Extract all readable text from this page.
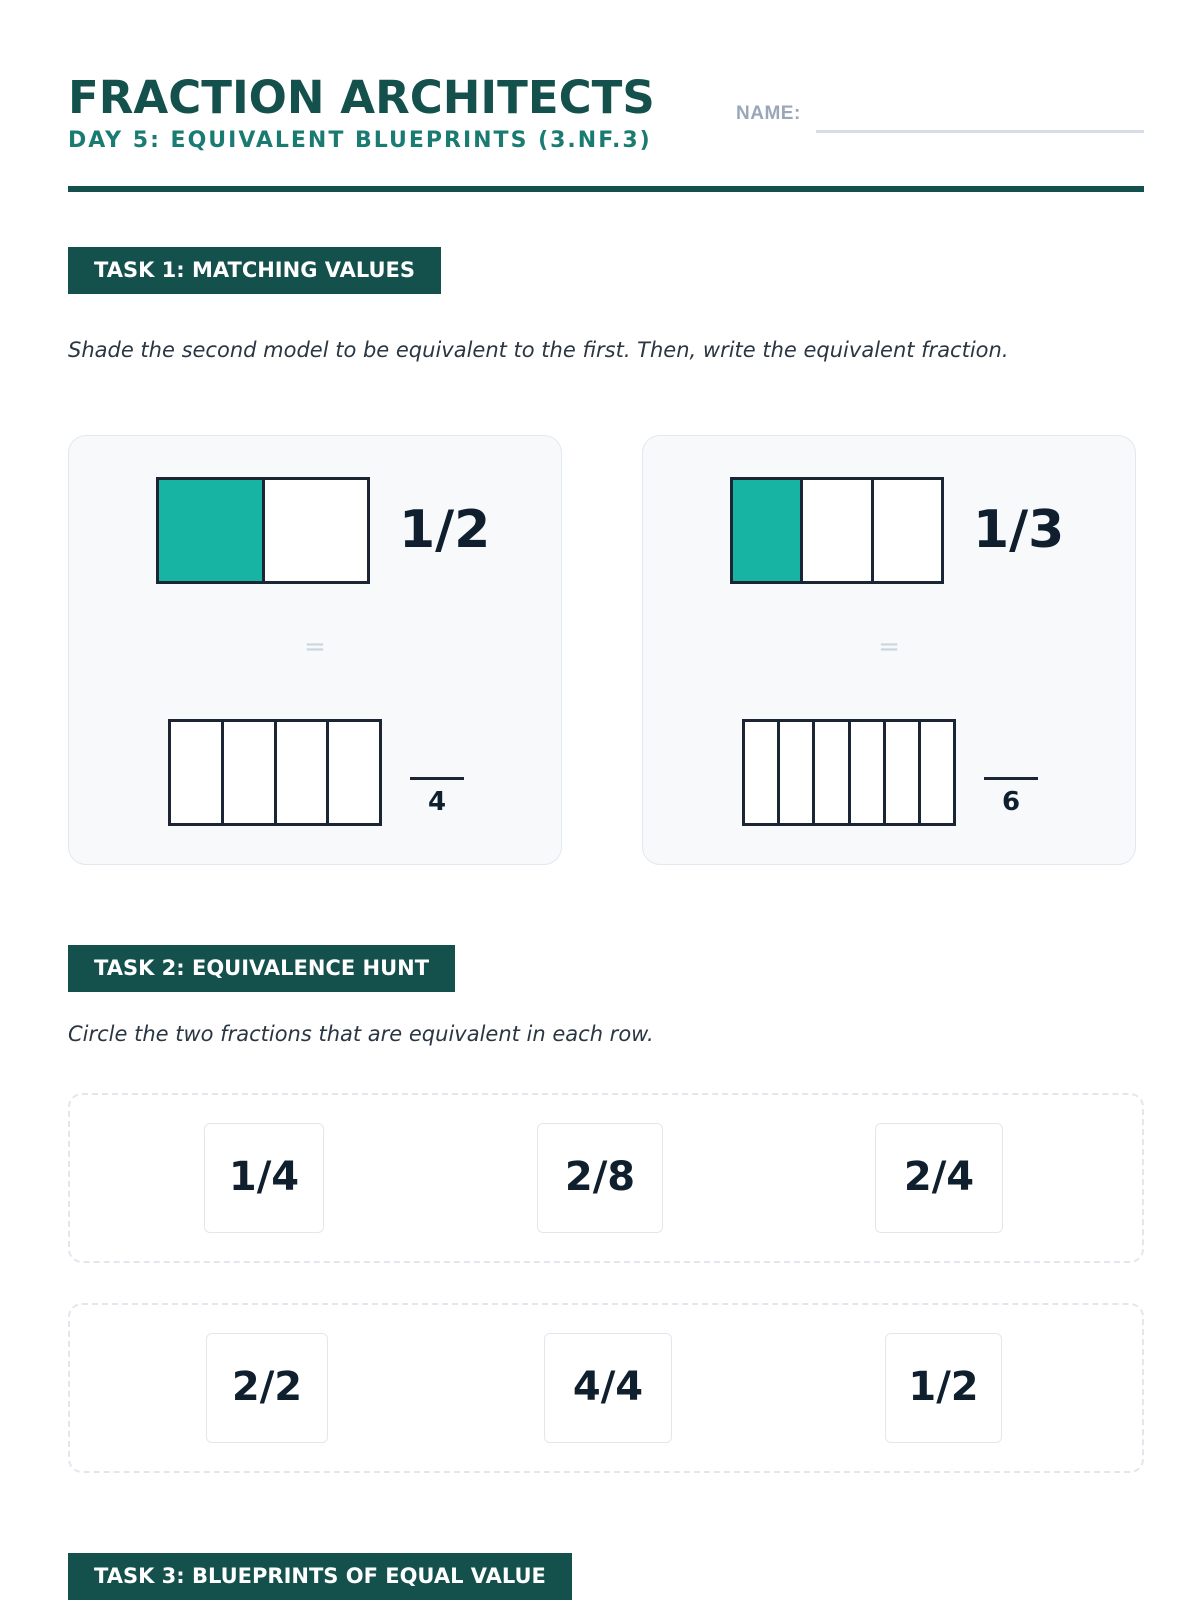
FRACTION ARCHITECTS
DAY 5: EQUIVALENT BLUEPRINTS (3.NF.3)
NAME:
TASK 1: MATCHING VALUES
Shade the second model to be equivalent to the first. Then, write the equivalent fraction.
1/2
=
4
1/3
=
6
TASK 2: EQUIVALENCE HUNT
Circle the two fractions that are equivalent in each row.
1/4	2/8	2/4
2/2	4/4	1/2
TASK 3: BLUEPRINTS OF EQUAL VALUE
